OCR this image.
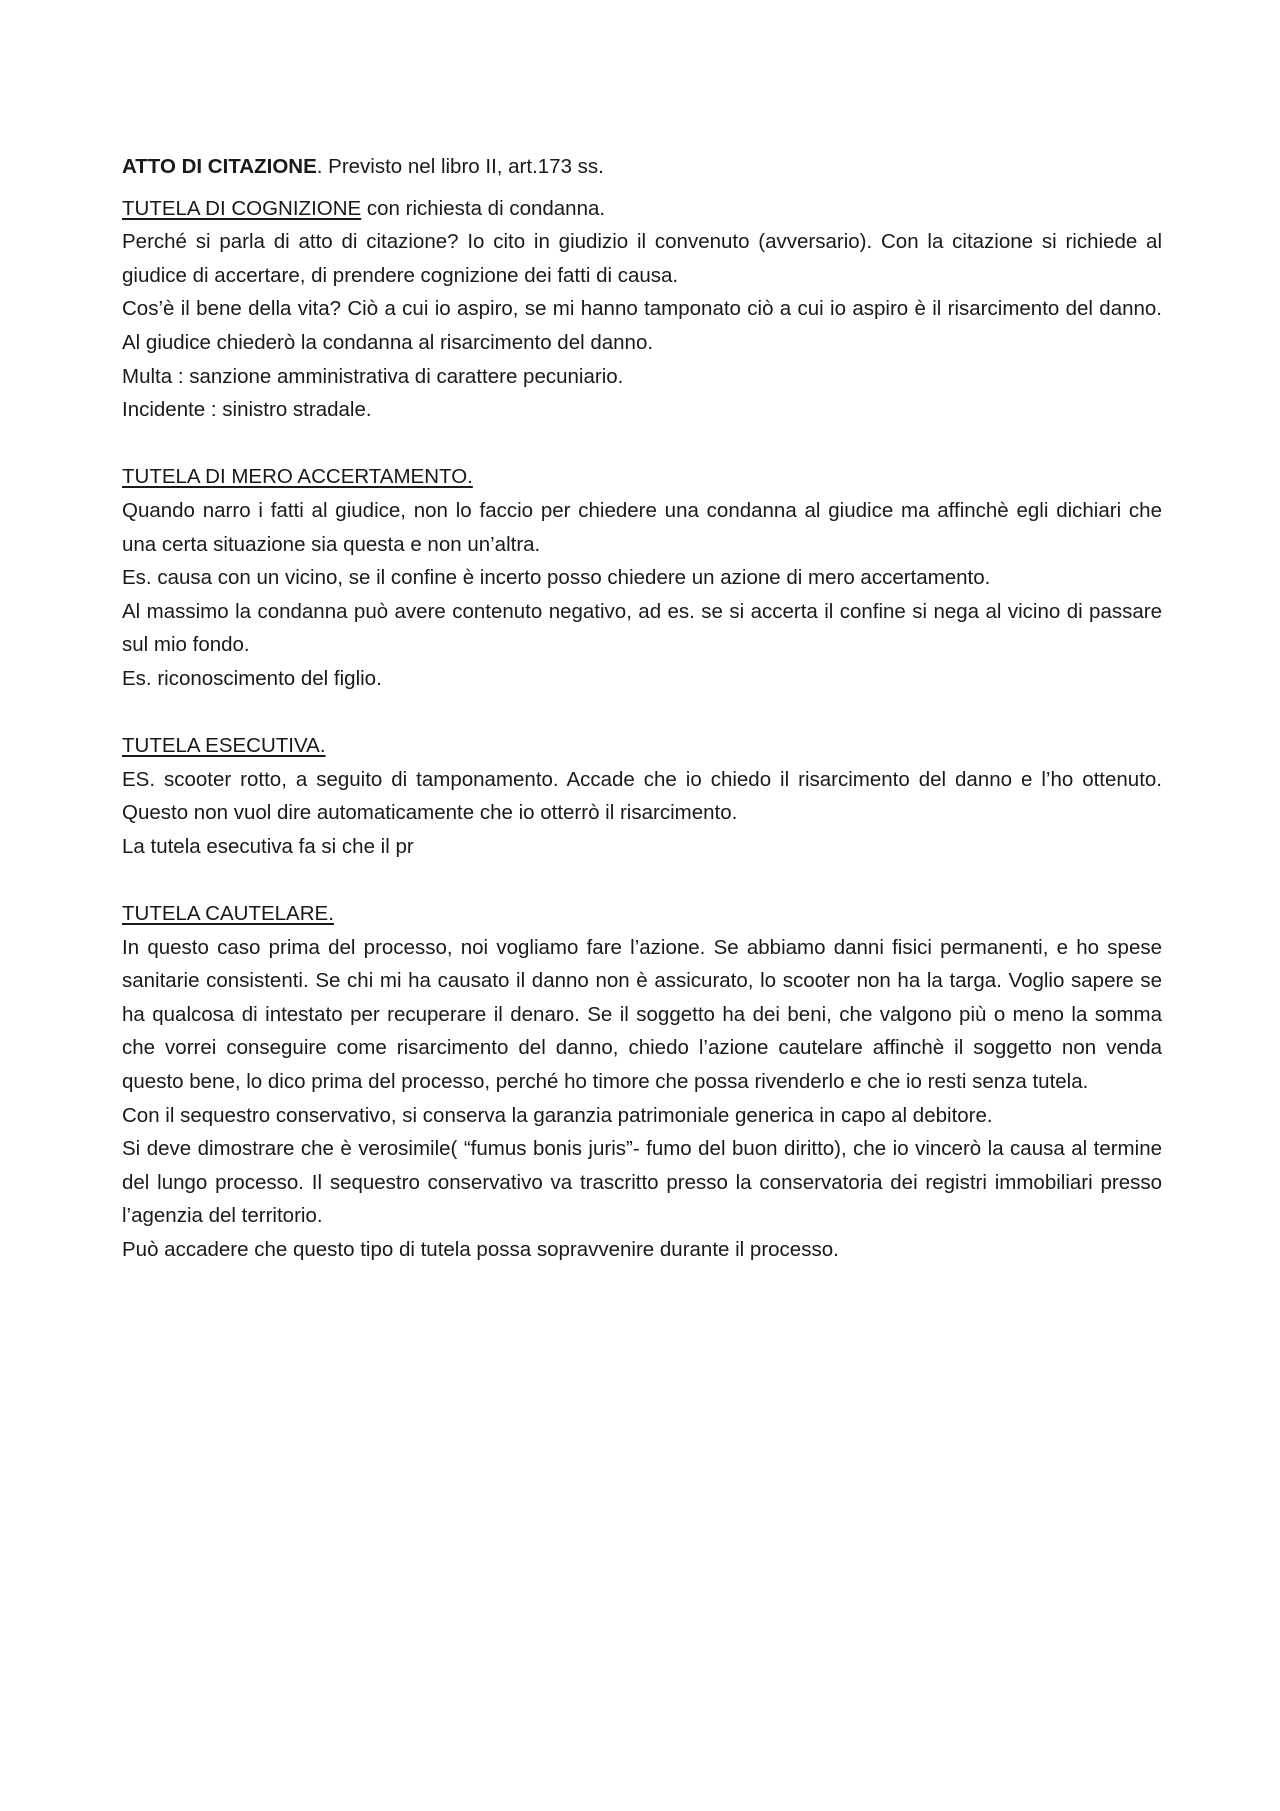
ATTO DI CITAZIONE. Previsto nel libro II, art.173 ss.

TUTELA DI COGNIZIONE con richiesta di condanna.

Perché si parla di atto di citazione? Io cito in giudizio il convenuto (avversario). Con la citazione si richiede al giudice di accertare, di prendere cognizione dei fatti di causa.

Cos’è il bene della vita? Ciò a cui io aspiro, se mi hanno tamponato ciò a cui io aspiro è il risarcimento del danno. Al giudice chiederò la condanna al risarcimento del danno.

Multa : sanzione amministrativa di carattere pecuniario.

Incidente : sinistro stradale.

TUTELA DI MERO ACCERTAMENTO.

Quando narro i fatti al giudice, non lo faccio per chiedere una condanna al giudice ma affinchè egli dichiari che una certa situazione sia questa e non un’altra.

Es. causa con un vicino, se il confine è incerto posso chiedere un azione di mero accertamento.

Al massimo la condanna può avere contenuto negativo, ad es. se si accerta il confine si nega al vicino di passare sul mio fondo.

Es. riconoscimento del figlio.

TUTELA ESECUTIVA.

ES. scooter rotto, a seguito di tamponamento. Accade che io chiedo il risarcimento del danno e l’ho ottenuto. Questo non vuol dire automaticamente che io otterrò il risarcimento.

La tutela esecutiva fa si che il pr

TUTELA CAUTELARE.

In questo caso prima del processo, noi vogliamo fare l’azione. Se abbiamo danni fisici permanenti, e ho spese sanitarie consistenti. Se chi mi ha causato il danno non è assicurato, lo scooter non ha la targa. Voglio sapere se ha qualcosa di intestato per recuperare il denaro. Se il soggetto ha dei beni, che valgono più o meno la somma che vorrei conseguire come risarcimento del danno, chiedo l’azione cautelare affinchè il soggetto non venda questo bene, lo dico prima del processo, perché ho timore che possa rivenderlo e che io resti senza tutela.

Con il sequestro conservativo, si conserva la garanzia patrimoniale generica in capo al debitore.

Si deve dimostrare che è verosimile( “fumus bonis juris”- fumo del buon diritto), che io vincerò la causa al termine del lungo processo. Il sequestro conservativo va trascritto presso la conservatoria dei registri immobiliari presso l’agenzia del territorio.

Può accadere che questo tipo di tutela possa sopravvenire durante il processo.
